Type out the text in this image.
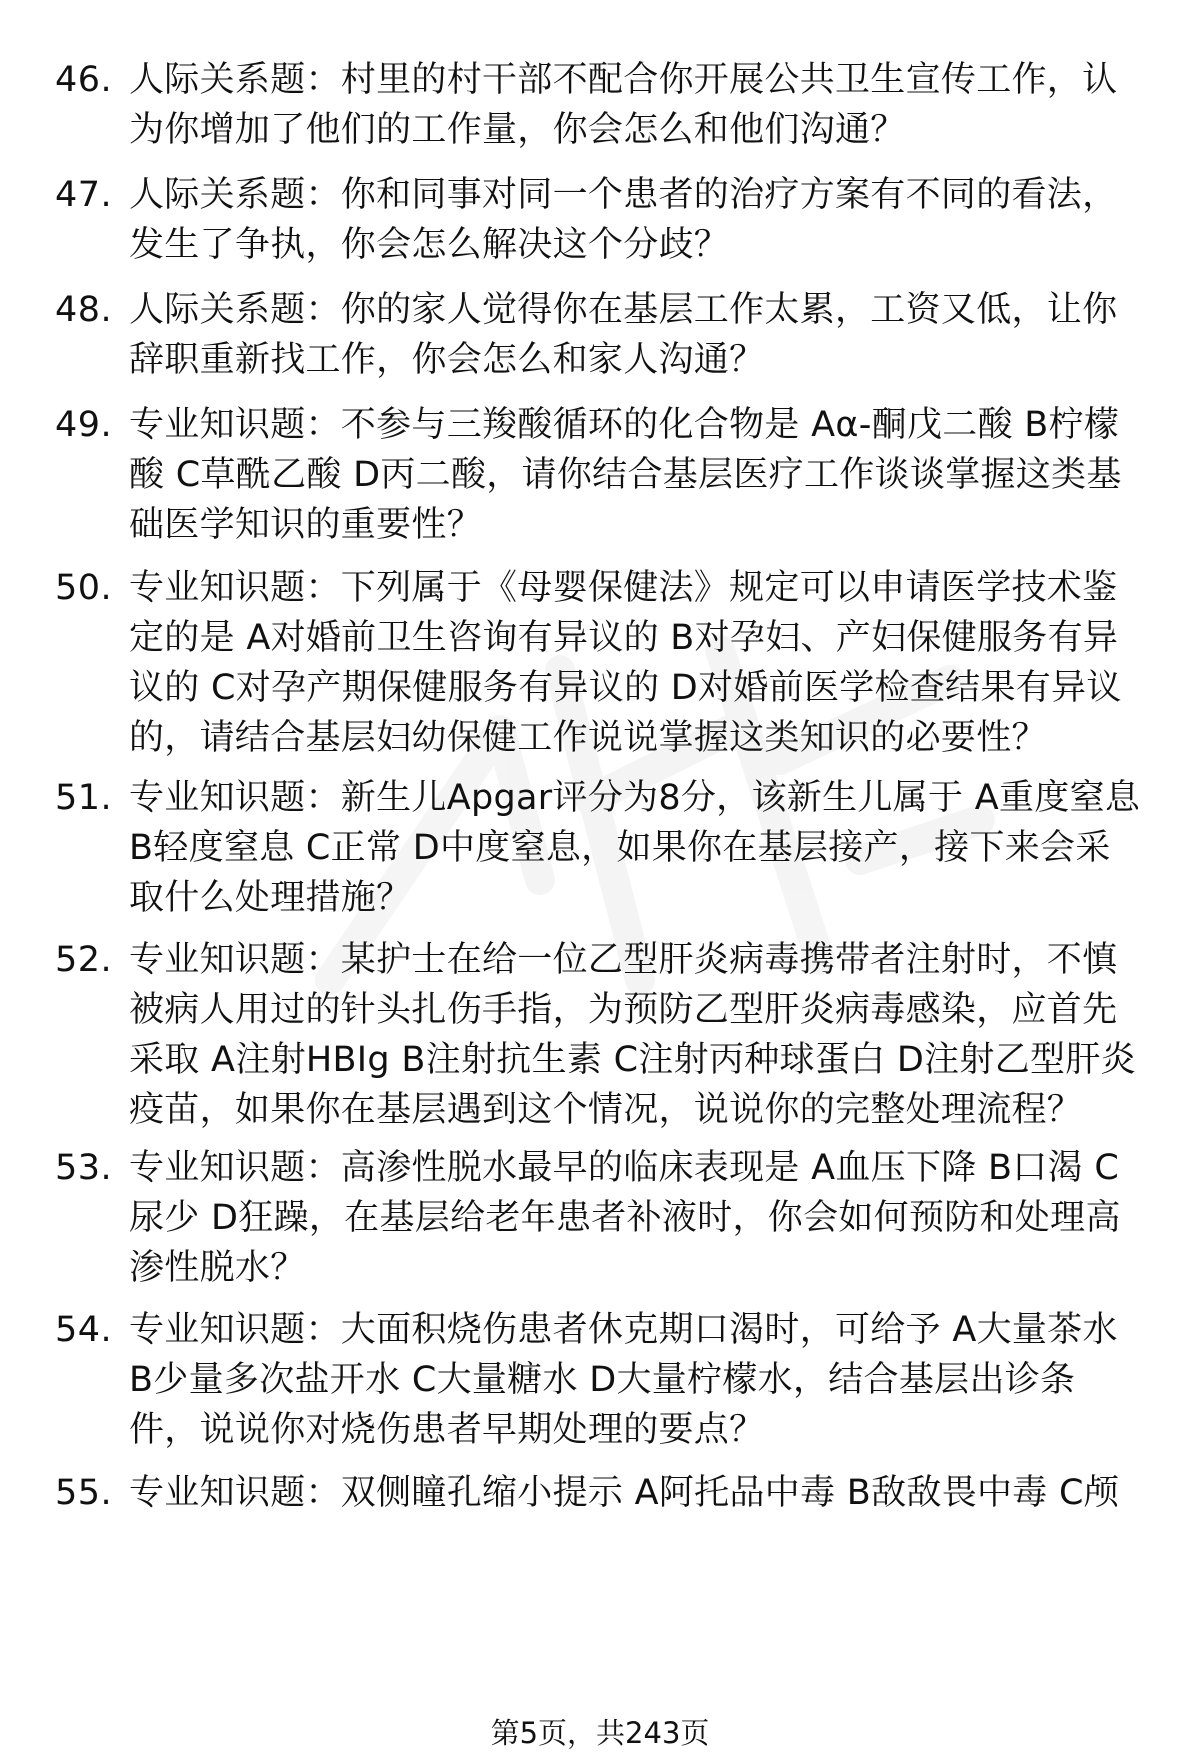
46. 人际关系题：村里的村干部不配合你开展公共卫生宣传工作，认
为你增加了他们的工作量，你会怎么和他们沟通？
47. 人际关系题：你和同事对同一个患者的治疗方案有不同的看法，
发生了争执，你会怎么解决这个分歧？
48. 人际关系题：你的家人觉得你在基层工作太累，工资又低，让你
辞职重新找工作，你会怎么和家人沟通？
49. 专业知识题：不参与三羧酸循环的化合物是 Aα-酮戊二酸 B柠檬
酸 C草酰乙酸 D丙二酸，请你结合基层医疗工作谈谈掌握这类基
础医学知识的重要性？
50. 专业知识题：下列属于《母婴保健法》规定可以申请医学技术鉴
定的是 A对婚前卫生咨询有异议的 B对孕妇、产妇保健服务有异
议的 C对孕产期保健服务有异议的 D对婚前医学检查结果有异议
的，请结合基层妇幼保健工作说说掌握这类知识的必要性？
51. 专业知识题：新生儿Apgar评分为8分，该新生儿属于 A重度窒息
B轻度窒息 C正常 D中度窒息，如果你在基层接产，接下来会采
取什么处理措施？
52. 专业知识题：某护士在给一位乙型肝炎病毒携带者注射时，不慎
被病人用过的针头扎伤手指，为预防乙型肝炎病毒感染，应首先
采取 A注射HBIg B注射抗生素 C注射丙种球蛋白 D注射乙型肝炎
疫苗，如果你在基层遇到这个情况，说说你的完整处理流程？
53. 专业知识题：高渗性脱水最早的临床表现是 A血压下降 B口渴 C
尿少 D狂躁，在基层给老年患者补液时，你会如何预防和处理高
渗性脱水？
54. 专业知识题：大面积烧伤患者休克期口渴时，可给予 A大量茶水
B少量多次盐开水 C大量糖水 D大量柠檬水，结合基层出诊条
件，说说你对烧伤患者早期处理的要点？
55. 专业知识题：双侧瞳孔缩小提示 A阿托品中毒 B敌敌畏中毒 C颅
第5页，共243页
